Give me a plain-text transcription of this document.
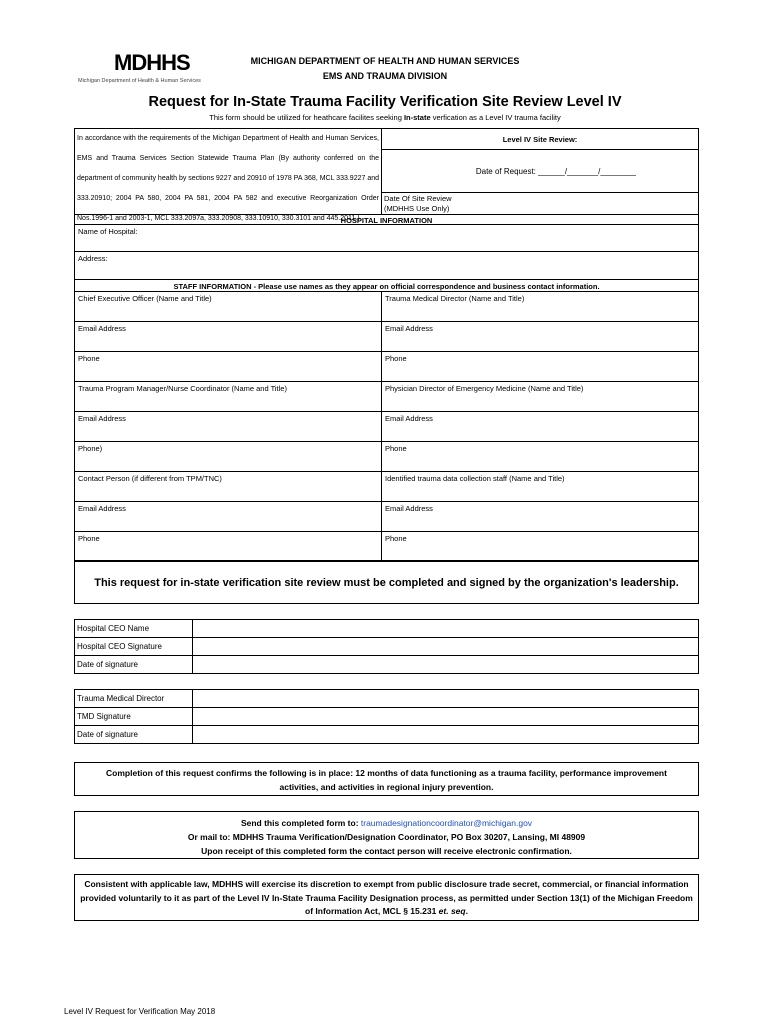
MDHHS
Michigan Department of Health & Human Services
MICHIGAN DEPARTMENT OF HEALTH AND HUMAN SERVICES
EMS AND TRAUMA DIVISION
Request for In-State Trauma Facility Verification Site Review Level IV
This form should be utilized for heathcare facilites seeking In-state verfication as a Level IV trauma facility
In accordance with the requirements of the Michigan Department of Health and Human Services, EMS and Trauma Services Section Statewide Trauma Plan (By authority conferred on the department of community health by sections 9227 and 20910 of 1978 PA 368, MCL 333.9227 and 333.20910; 2004 PA 580, 2004 PA 581, 2004 PA 582 and executive Reorganization Order Nos.1996-1 and 2003-1, MCL 333.2097a, 333.20908, 333.10910, 330.3101 and 445.2011.)
Level IV Site Review:
Date of Request: ______/_______/________
Date Of Site Review
(MDHHS Use Only)
HOSPITAL INFORMATION
Name of Hospital:
Address:
STAFF INFORMATION - Please use names as they appear on official correspondence and business contact information.
Chief Executive Officer (Name and Title)	Trauma Medical Director (Name and Title)
Email Address	Email Address
Phone	Phone
Trauma Program Manager/Nurse Coordinator (Name and Title)	Physician Director of Emergency Medicine (Name and Title)
Email Address	Email Address
Phone)	Phone
Contact Person (if different from TPM/TNC)	Identified trauma data collection staff (Name and Title)
Email Address	Email Address
Phone	Phone
This request for in-state verification site review must be completed and signed by the organization's leadership.
Hospital CEO Name	
Hospital CEO Signature	
Date of signature	
Trauma Medical Director	
TMD Signature	
Date of signature	
Completion of this request confirms the following is in place: 12 months of data functioning as a trauma facility, performance improvement activities, and activities in regional injury prevention.
Send this completed form to: traumadesignationcoordinator@michigan.gov
Or mail to: MDHHS Trauma Verification/Designation Coordinator, PO Box 30207, Lansing, MI 48909
Upon receipt of this completed form the contact person will receive electronic confirmation.
Consistent with applicable law, MDHHS will exercise its discretion to exempt from public disclosure trade secret, commercial, or financial information provided voluntarily to it as part of the Level IV In-State Trauma Facility Designation process, as permitted under Section 13(1) of the Michigan Freedom of Information Act, MCL § 15.231 et. seq.
Level IV Request for Verification May 2018
